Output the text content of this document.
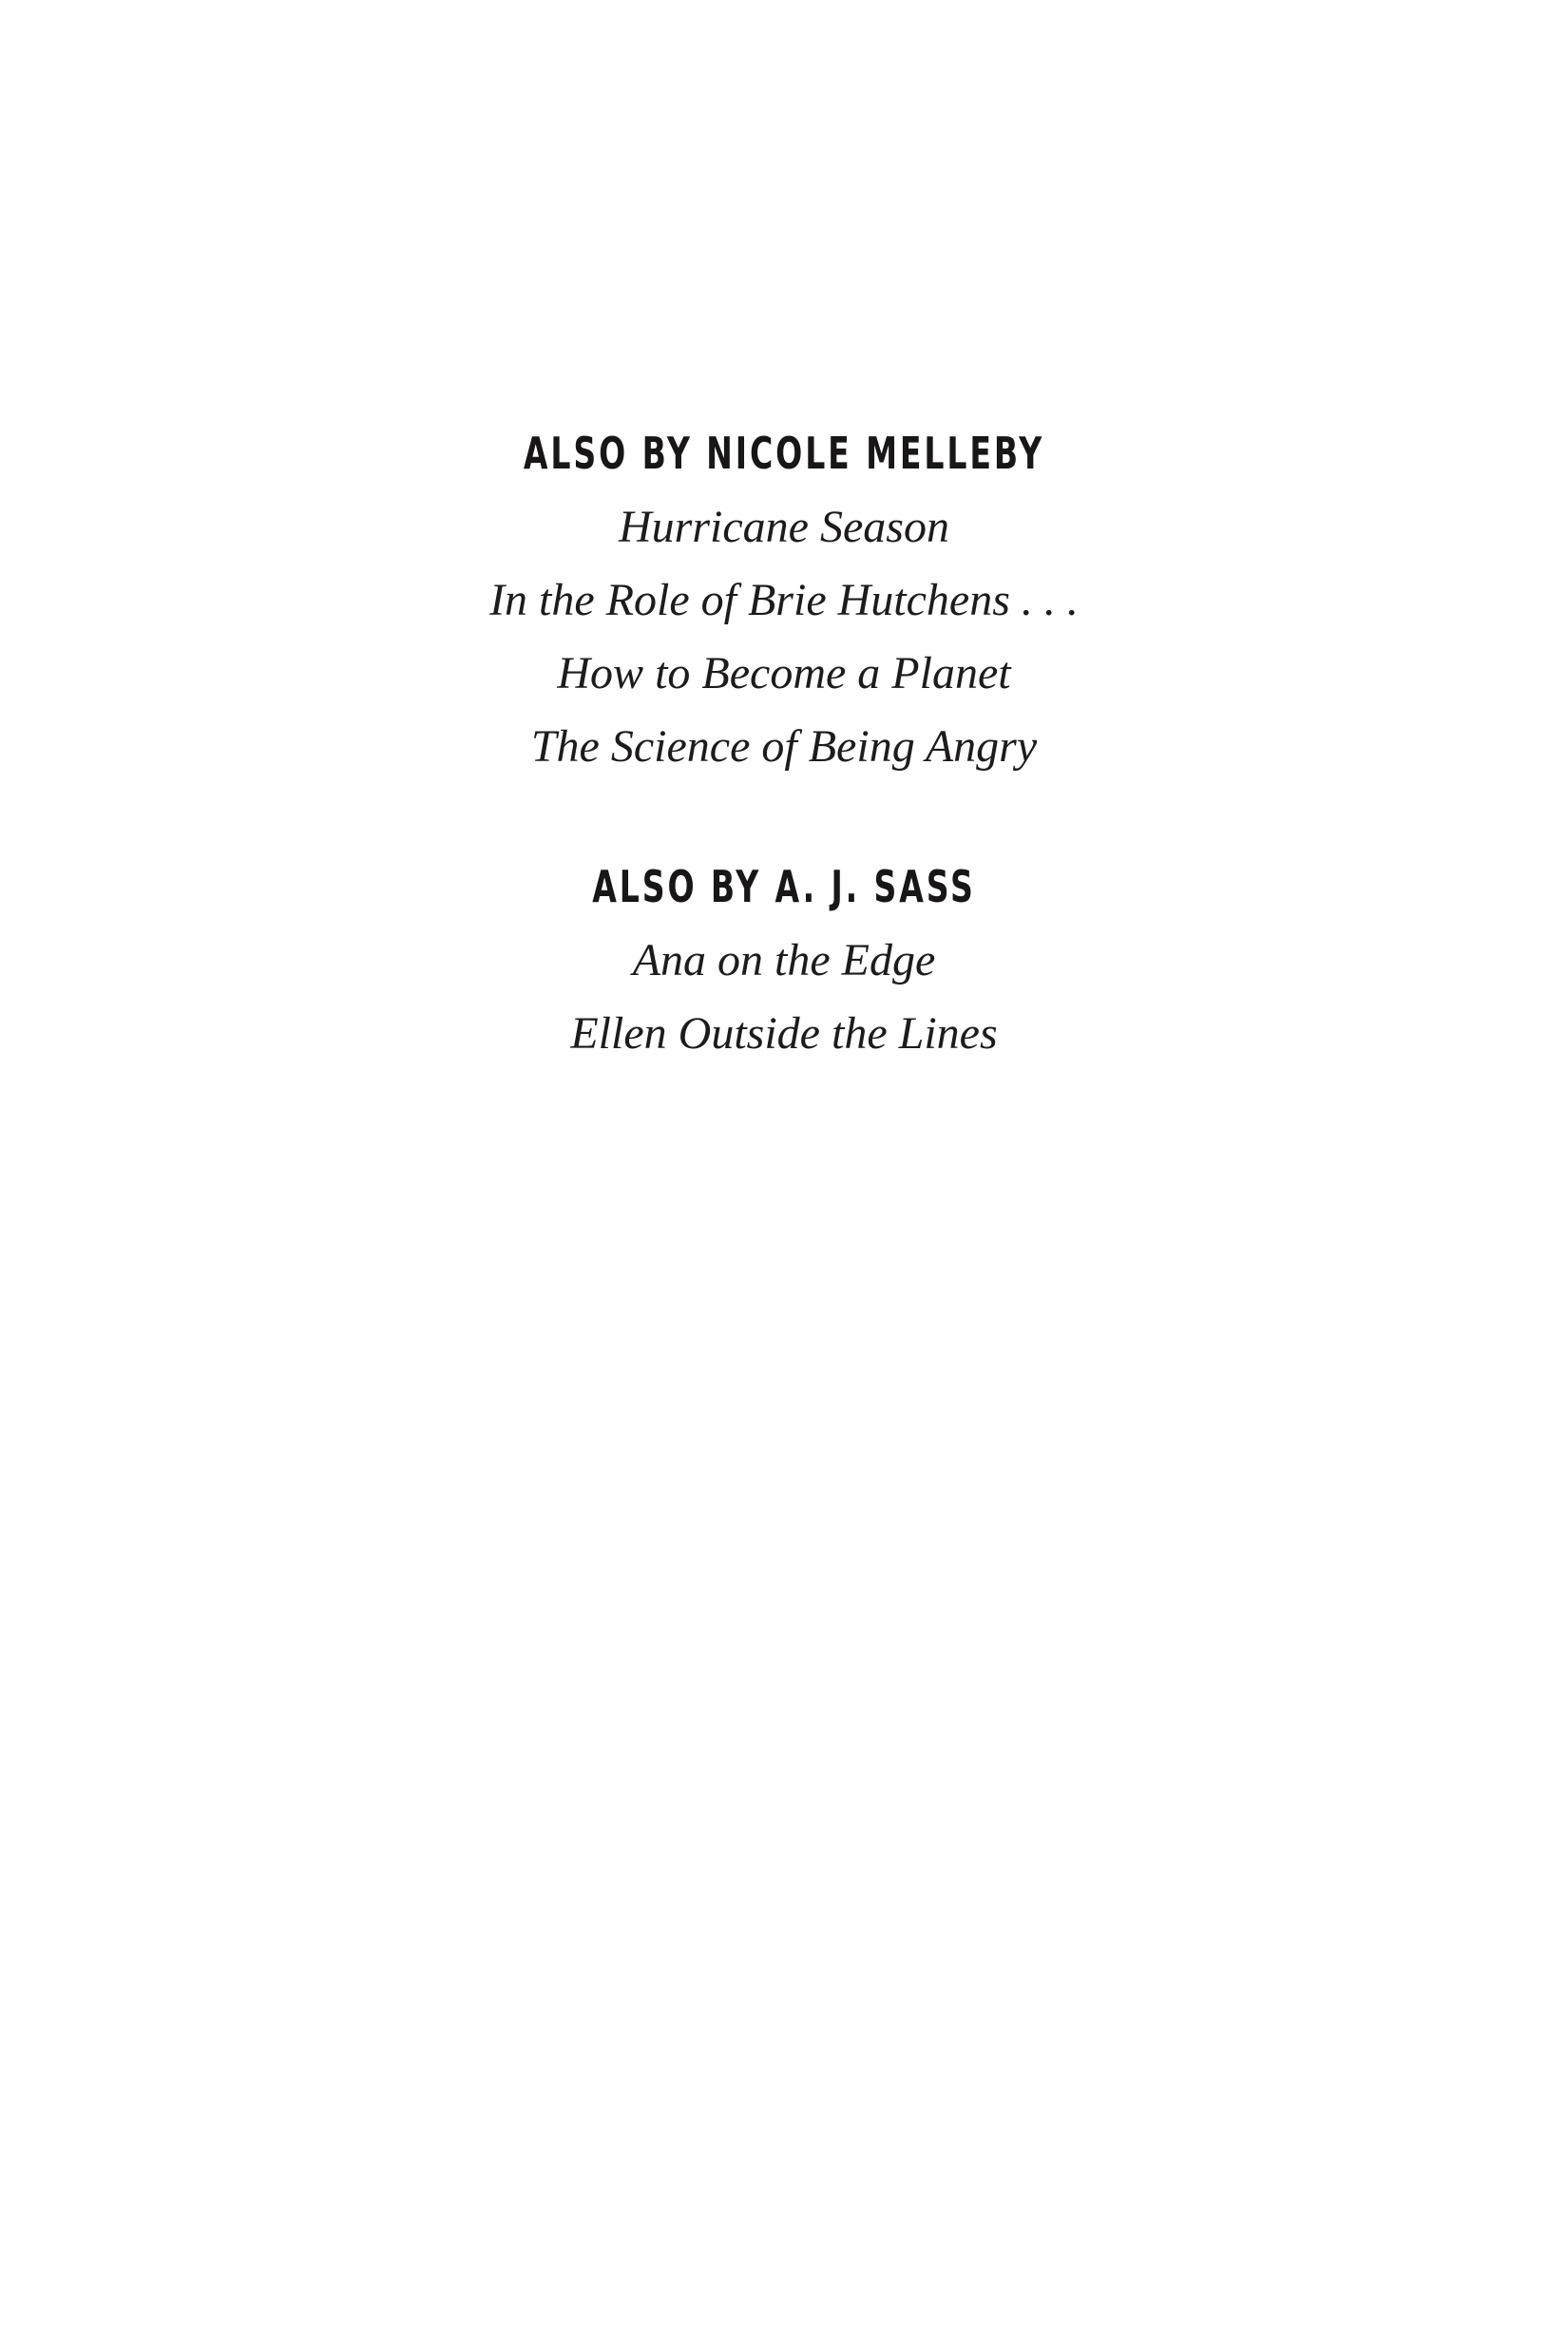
ALSO BY NICOLE MELLEBY
Hurricane Season
In the Role of Brie Hutchens . . .
How to Become a Planet
The Science of Being Angry
ALSO BY A. J. SASS
Ana on the Edge
Ellen Outside the Lines
